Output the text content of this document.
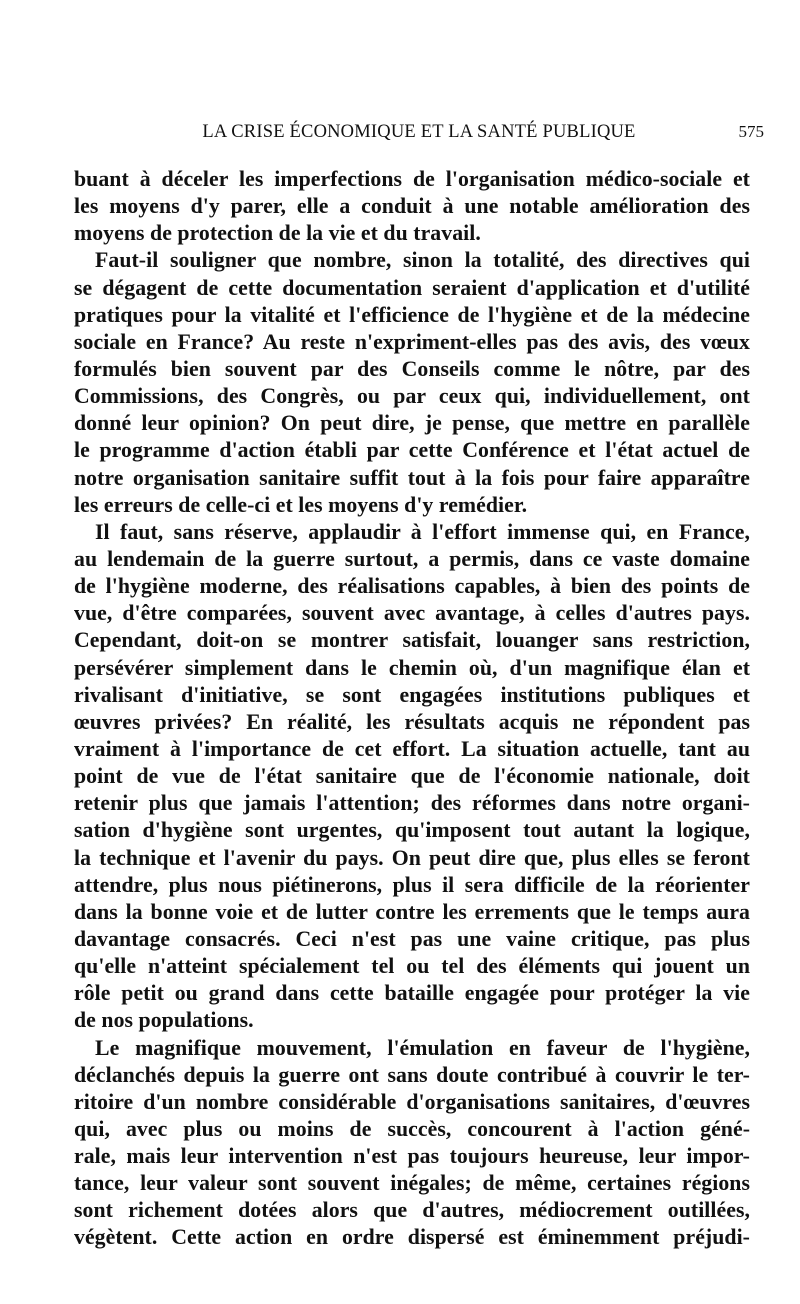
LA CRISE ÉCONOMIQUE ET LA SANTÉ PUBLIQUE	575
buant à déceler les imperfections de l'organisation médico-sociale et
les moyens d'y parer, elle a conduit à une notable amélioration des
moyens de protection de la vie et du travail.
Faut-il souligner que nombre, sinon la totalité, des directives qui
se dégagent de cette documentation seraient d'application et d'utilité
pratiques pour la vitalité et l'efficience de l'hygiène et de la médecine
sociale en France? Au reste n'expriment-elles pas des avis, des vœux
formulés bien souvent par des Conseils comme le nôtre, par des
Commissions, des Congrès, ou par ceux qui, individuellement, ont
donné leur opinion? On peut dire, je pense, que mettre en parallèle
le programme d'action établi par cette Conférence et l'état actuel de
notre organisation sanitaire suffit tout à la fois pour faire apparaître
les erreurs de celle-ci et les moyens d'y remédier.
Il faut, sans réserve, applaudir à l'effort immense qui, en France,
au lendemain de la guerre surtout, a permis, dans ce vaste domaine
de l'hygiène moderne, des réalisations capables, à bien des points de
vue, d'être comparées, souvent avec avantage, à celles d'autres pays.
Cependant, doit-on se montrer satisfait, louanger sans restriction,
persévérer simplement dans le chemin où, d'un magnifique élan et
rivalisant d'initiative, se sont engagées institutions publiques et
œuvres privées? En réalité, les résultats acquis ne répondent pas
vraiment à l'importance de cet effort. La situation actuelle, tant au
point de vue de l'état sanitaire que de l'économie nationale, doit
retenir plus que jamais l'attention; des réformes dans notre organi-
sation d'hygiène sont urgentes, qu'imposent tout autant la logique,
la technique et l'avenir du pays. On peut dire que, plus elles se feront
attendre, plus nous piétinerons, plus il sera difficile de la réorienter
dans la bonne voie et de lutter contre les errements que le temps aura
davantage consacrés. Ceci n'est pas une vaine critique, pas plus
qu'elle n'atteint spécialement tel ou tel des éléments qui jouent un
rôle petit ou grand dans cette bataille engagée pour protéger la vie
de nos populations.
Le magnifique mouvement, l'émulation en faveur de l'hygiène,
déclanchés depuis la guerre ont sans doute contribué à couvrir le ter-
ritoire d'un nombre considérable d'organisations sanitaires, d'œuvres
qui, avec plus ou moins de succès, concourent à l'action géné-
rale, mais leur intervention n'est pas toujours heureuse, leur impor-
tance, leur valeur sont souvent inégales; de même, certaines régions
sont richement dotées alors que d'autres, médiocrement outillées,
végètent. Cette action en ordre dispersé est éminemment préjudi-
